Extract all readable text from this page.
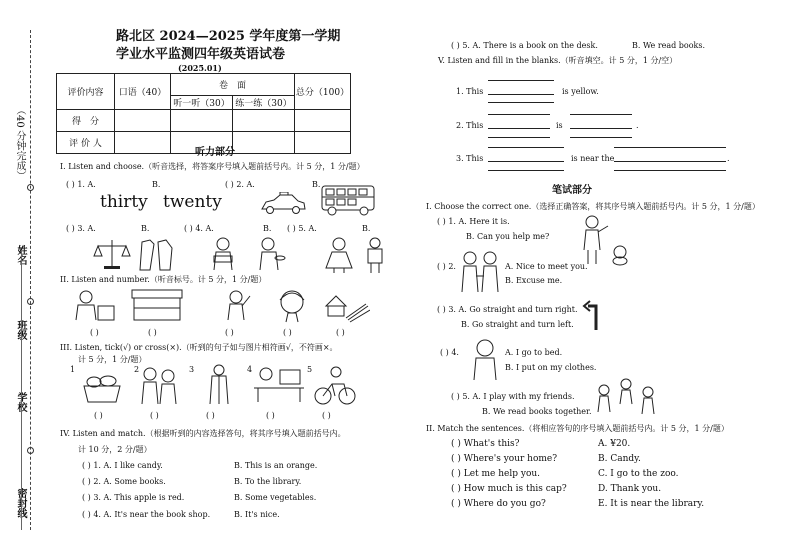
（40 分钟完成）
姓名
班级
学校
密封线
路北区 2024—2025 学年度第一学期
学业水平监测四年级英语试卷
(2025.01)
评价内容	口语（40）	卷　面		总分（100）
		听一听（30）	练一练（30）	
得　分				
评 价 人				
听力部分
I. Listen and choose.（听音选择，将答案序号填入题前括号内。计 5 分，1 分/题）
( ) 1. A.	B.
thirty twenty
( ) 2. A.	B.
( ) 3. A.	B.	( ) 4. A.	B. ( ) 5. A.	B.
II. Listen and number.（听音标号。计 5 分，1 分/题）
( )	( )	( )	( )	( )
III. Listen, tick(√) or cross(×).（听到的句子如与图片相符画√，不符画×。
计 5 分，1 分/题）
1	2	3	4	5
( )	( )	( )	( )	( )
IV. Listen and match.（根据听到的内容选择答句，将其序号填入题前括号内。
计 10 分，2 分/题）
( ) 1. A. I like candy.	B. This is an orange.
( ) 2. A. Some books.	B. To the library.
( ) 3. A. This apple is red.	B. Some vegetables.
( ) 4. A. It's near the book shop.	B. It's nice.
( ) 5. A. There is a book on the desk.	B. We read books.
V. Listen and fill in the blanks.（听音填空。计 5 分，1 分/空）
1. This	is yellow.
2. This	is	.
3. This	is near the	.
笔试部分
I. Choose the correct one.（选择正确答案，将其序号填入题前括号内。计 5 分，1 分/题）
( ) 1. A. Here it is.
B. Can you help me?
( ) 2.	A. Nice to meet you.
B. Excuse me.
( ) 3. A. Go straight and turn right.
B. Go straight and turn left.
( ) 4.	A. I go to bed.
B. I put on my clothes.
( ) 5. A. I play with my friends.
B. We read books together.
II. Match the sentences.（将相应答句的序号填入题前括号内。计 5 分，1 分/题）
( ) What's this?	A. ¥20.
( ) Where's your home?	B. Candy.
( ) Let me help you.	C. I go to the zoo.
( ) How much is this cap?	D. Thank you.
( ) Where do you go?	E. It is near the library.
